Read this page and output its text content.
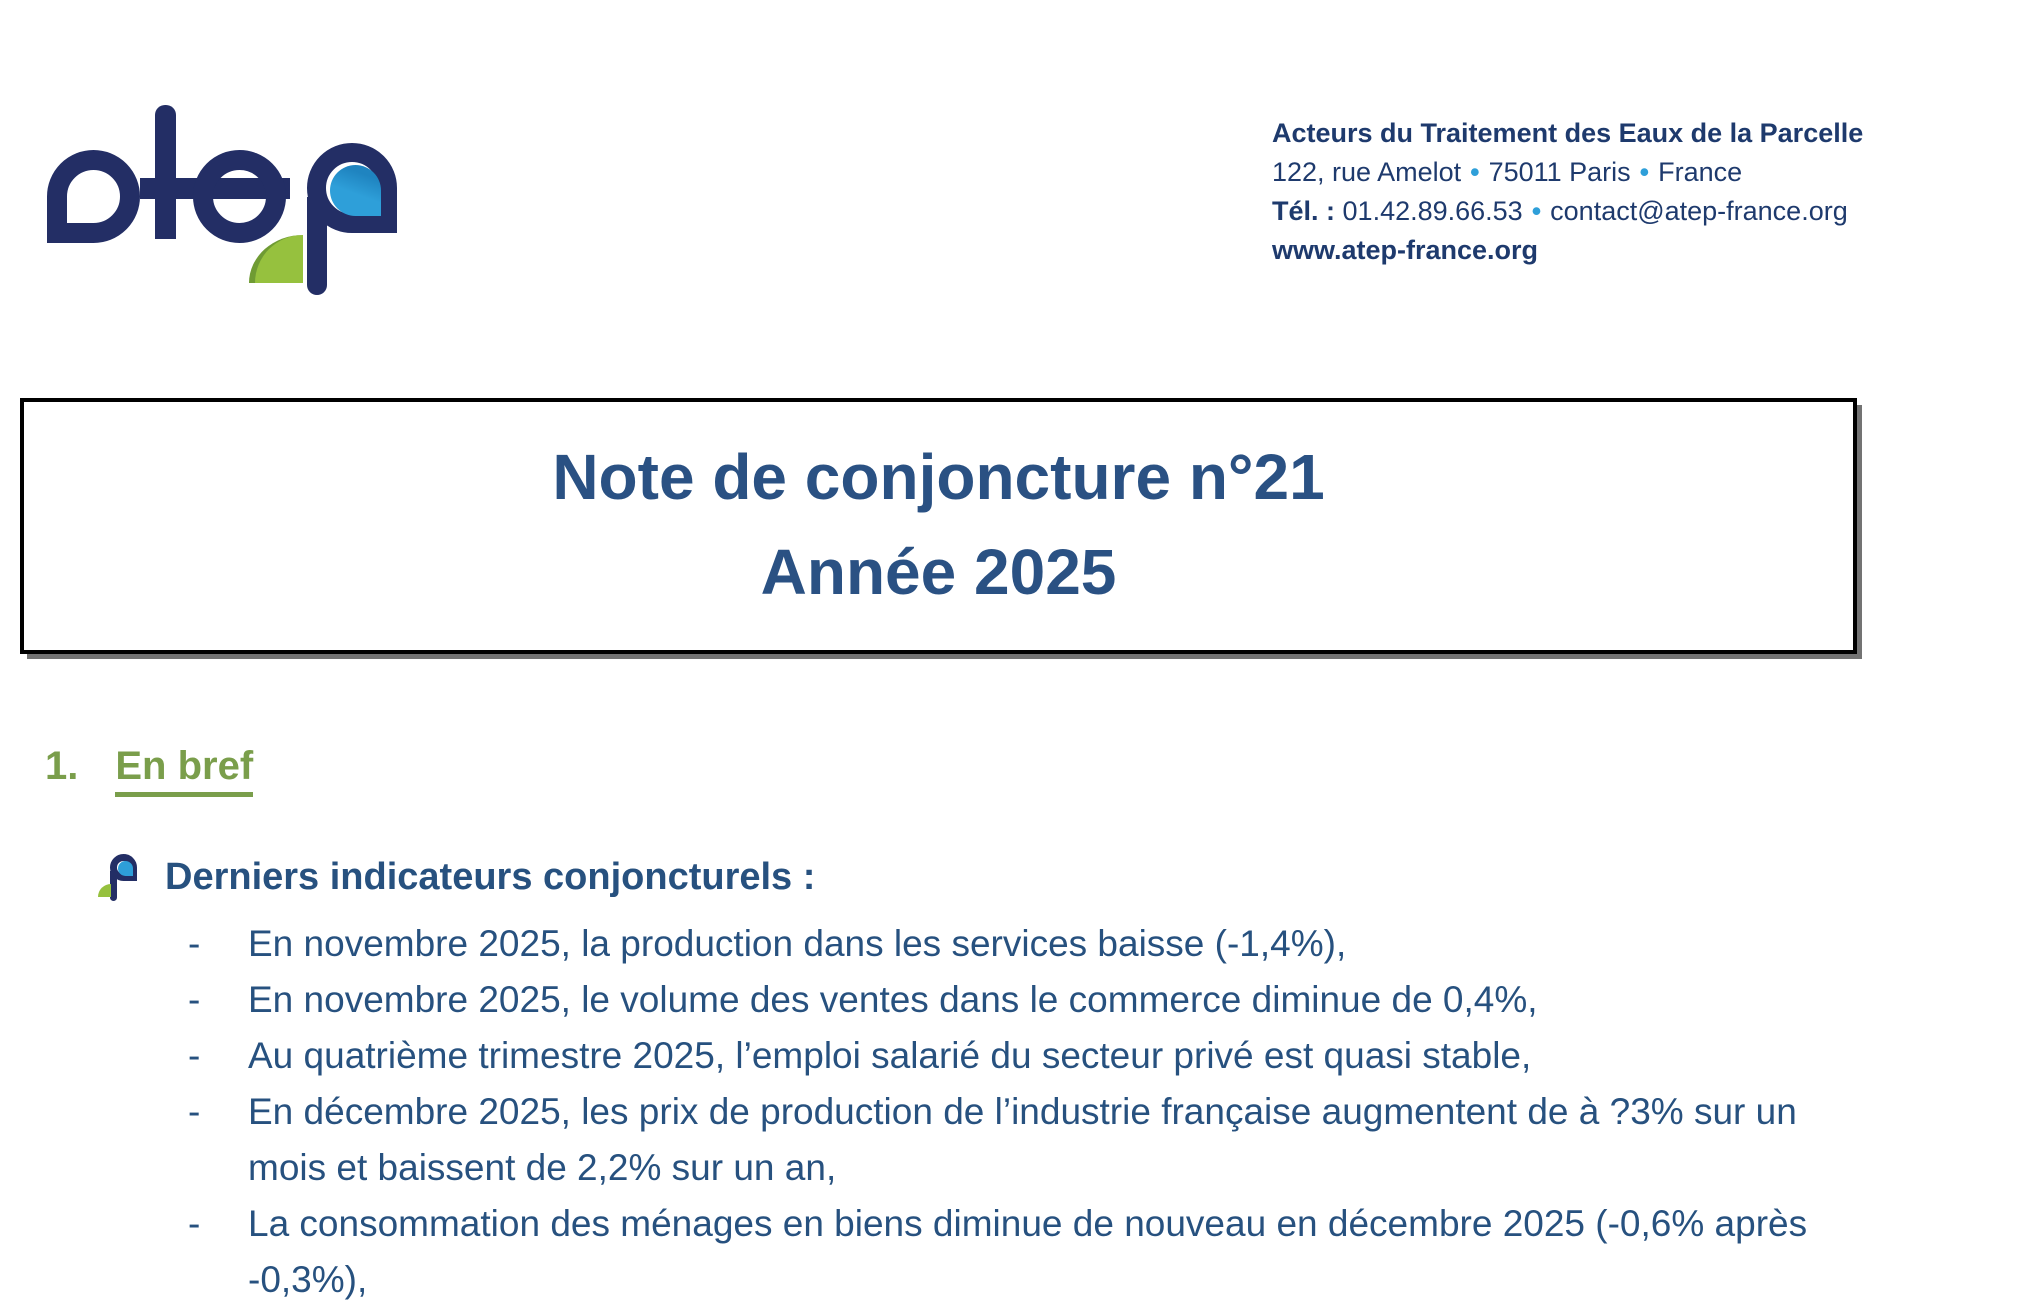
Acteurs du Traitement des Eaux de la Parcelle
122, rue Amelot • 75011 Paris • France
Tél. : 01.42.89.66.53 • contact@atep-france.org
www.atep-france.org
Note de conjoncture n°21
Année 2025
1. En bref
Derniers indicateurs conjoncturels :
-	En novembre 2025, la production dans les services baisse (-1,4%),
-	En novembre 2025, le volume des ventes dans le commerce diminue de 0,4%,
-	Au quatrième trimestre 2025, l’emploi salarié du secteur privé est quasi stable,
-	En décembre 2025, les prix de production de l’industrie française augmentent de à ?3% sur un mois et baissent de 2,2% sur un an,
-	La consommation des ménages en biens diminue de nouveau en décembre 2025 (-0,6% après -0,3%),
